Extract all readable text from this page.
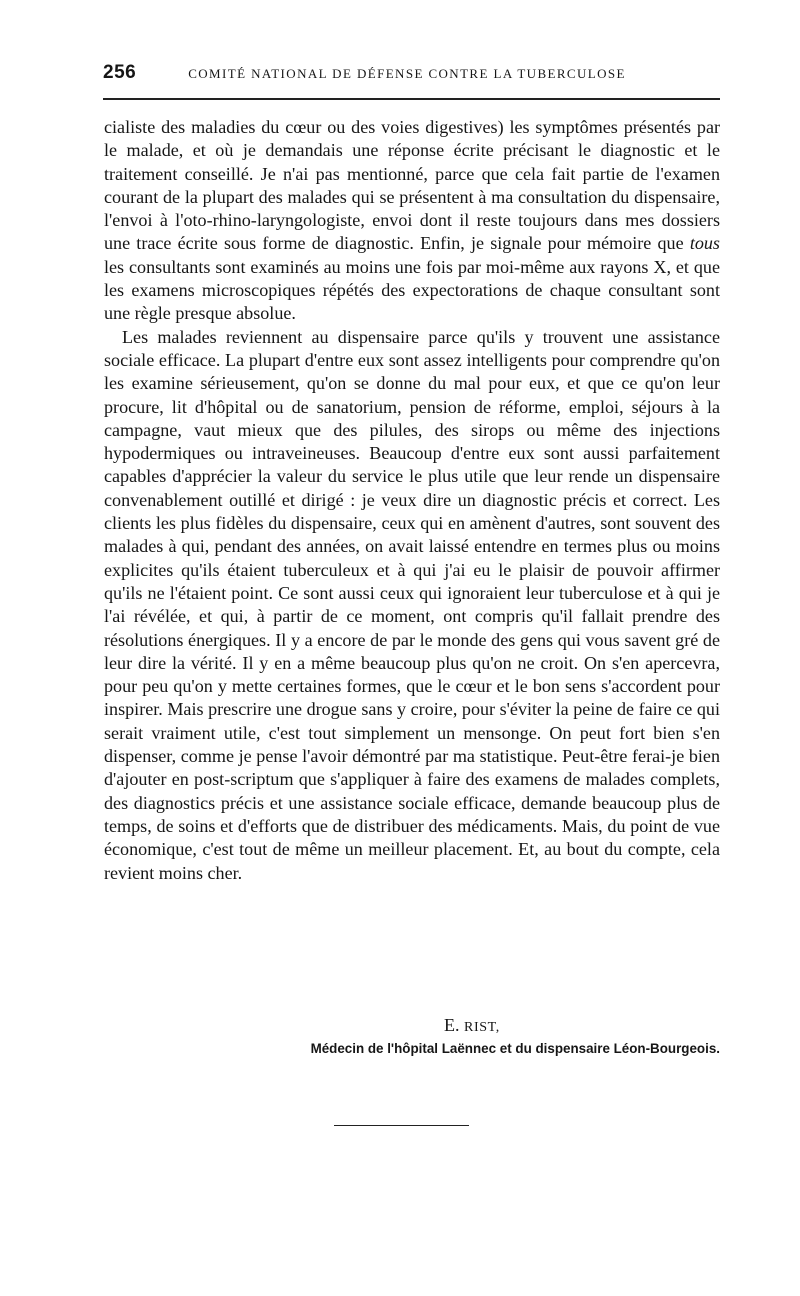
256	COMITÉ NATIONAL DE DÉFENSE CONTRE LA TUBERCULOSE

cialiste des maladies du cœur ou des voies digestives) les symptômes présentés par le malade, et où je demandais une réponse écrite précisant le diagnostic et le traitement conseillé. Je n'ai pas mentionné, parce que cela fait partie de l'examen courant de la plupart des malades qui se présentent à ma consultation du dispensaire, l'envoi à l'oto-rhino-laryngologiste, envoi dont il reste toujours dans mes dossiers une trace écrite sous forme de diagnostic. Enfin, je signale pour mémoire que tous les consultants sont examinés au moins une fois par moi-même aux rayons X, et que les examens microscopiques répétés des expectorations de chaque consultant sont une règle presque absolue.

Les malades reviennent au dispensaire parce qu'ils y trouvent une assistance sociale efficace. La plupart d'entre eux sont assez intelligents pour comprendre qu'on les examine sérieusement, qu'on se donne du mal pour eux, et que ce qu'on leur procure, lit d'hôpital ou de sanatorium, pension de réforme, emploi, séjours à la campagne, vaut mieux que des pilules, des sirops ou même des injections hypodermiques ou intraveineuses. Beaucoup d'entre eux sont aussi parfaitement capables d'apprécier la valeur du service le plus utile que leur rende un dispensaire convenablement outillé et dirigé : je veux dire un diagnostic précis et correct. Les clients les plus fidèles du dispensaire, ceux qui en amènent d'autres, sont souvent des malades à qui, pendant des années, on avait laissé entendre en termes plus ou moins explicites qu'ils étaient tuberculeux et à qui j'ai eu le plaisir de pouvoir affirmer qu'ils ne l'étaient point. Ce sont aussi ceux qui ignoraient leur tuberculose et à qui je l'ai révélée, et qui, à partir de ce moment, ont compris qu'il fallait prendre des résolutions énergiques. Il y a encore de par le monde des gens qui vous savent gré de leur dire la vérité. Il y en a même beaucoup plus qu'on ne croit. On s'en apercevra, pour peu qu'on y mette certaines formes, que le cœur et le bon sens s'accordent pour inspirer. Mais prescrire une drogue sans y croire, pour s'éviter la peine de faire ce qui serait vraiment utile, c'est tout simplement un mensonge. On peut fort bien s'en dispenser, comme je pense l'avoir démontré par ma statistique. Peut-être ferai-je bien d'ajouter en post-scriptum que s'appliquer à faire des examens de malades complets, des diagnostics précis et une assistance sociale efficace, demande beaucoup plus de temps, de soins et d'efforts que de distribuer des médicaments. Mais, du point de vue économique, c'est tout de même un meilleur placement. Et, au bout du compte, cela revient moins cher.

E. RIST,
Médecin de l'hôpital Laënnec et du dispensaire Léon-Bourgeois.
